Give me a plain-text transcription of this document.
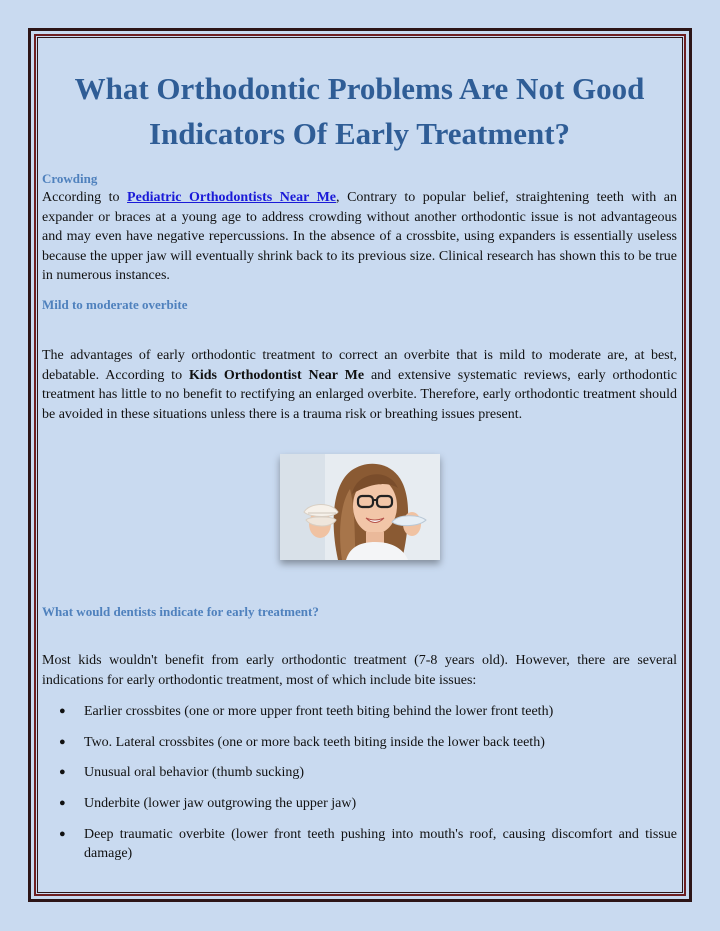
What Orthodontic Problems Are Not Good Indicators Of Early Treatment?
Crowding

According to Pediatric Orthodontists Near Me, Contrary to popular belief, straightening teeth with an expander or braces at a young age to address crowding without another orthodontic issue is not advantageous and may even have negative repercussions. In the absence of a crossbite, using expanders is essentially useless because the upper jaw will eventually shrink back to its previous size. Clinical research has shown this to be true in numerous instances.

Mild to moderate overbite

The advantages of early orthodontic treatment to correct an overbite that is mild to moderate are, at best, debatable. According to Kids Orthodontist Near Me and extensive systematic reviews, early orthodontic treatment has little to no benefit to rectifying an enlarged overbite. Therefore, early orthodontic treatment should be avoided in these situations unless there is a trauma risk or breathing issues present.

What would dentists indicate for early treatment?

Most kids wouldn't benefit from early orthodontic treatment (7-8 years old). However, there are several indications for early orthodontic treatment, most of which include bite issues:

● Earlier crossbites (one or more upper front teeth biting behind the lower front teeth)
● Two. Lateral crossbites (one or more back teeth biting inside the lower back teeth)
● Unusual oral behavior (thumb sucking)
● Underbite (lower jaw outgrowing the upper jaw)
● Deep traumatic overbite (lower front teeth pushing into mouth's roof, causing discomfort and tissue damage)
